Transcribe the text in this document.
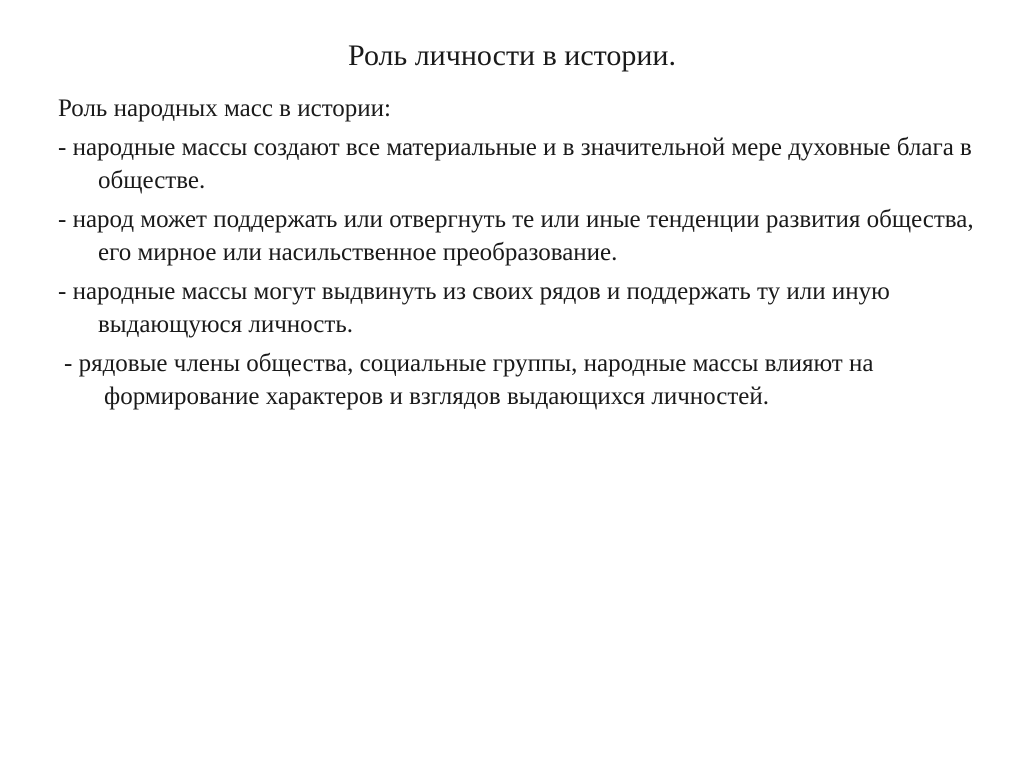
Роль личности в истории.
Роль народных масс в истории:
- народные массы создают все материальные и в значительной мере духовные блага в обществе.
- народ может поддержать или отвергнуть те или иные тенденции развития общества, его мирное или насильственное преобразование.
- народные массы могут выдвинуть из своих рядов и поддержать ту или иную выдающуюся личность.
- рядовые члены общества, социальные группы, народные массы влияют на формирование характеров и взглядов выдающихся личностей.
